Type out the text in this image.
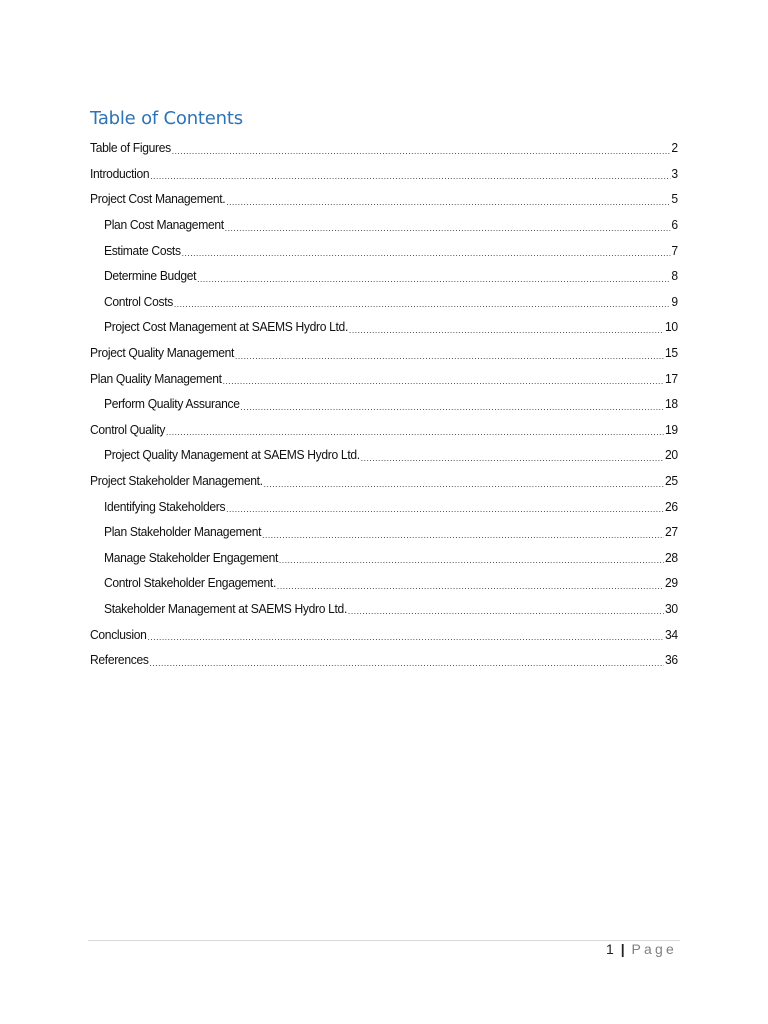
Table of Contents
Table of Figures .....	2
Introduction .....	3
Project Cost Management. .....	5
Plan Cost Management .....	6
Estimate Costs .....	7
Determine Budget .....	8
Control Costs .....	9
Project Cost Management at SAEMS Hydro Ltd. .....	10
Project Quality Management .....	15
Plan Quality Management .....	17
Perform Quality Assurance .....	18
Control Quality .....	19
Project Quality Management at SAEMS Hydro Ltd. .....	20
Project Stakeholder Management. .....	25
Identifying Stakeholders .....	26
Plan Stakeholder Management .....	27
Manage Stakeholder Engagement .....	28
Control Stakeholder Engagement. .....	29
Stakeholder Management at SAEMS Hydro Ltd. .....	30
Conclusion .....	34
References .....	36
1 | Page
